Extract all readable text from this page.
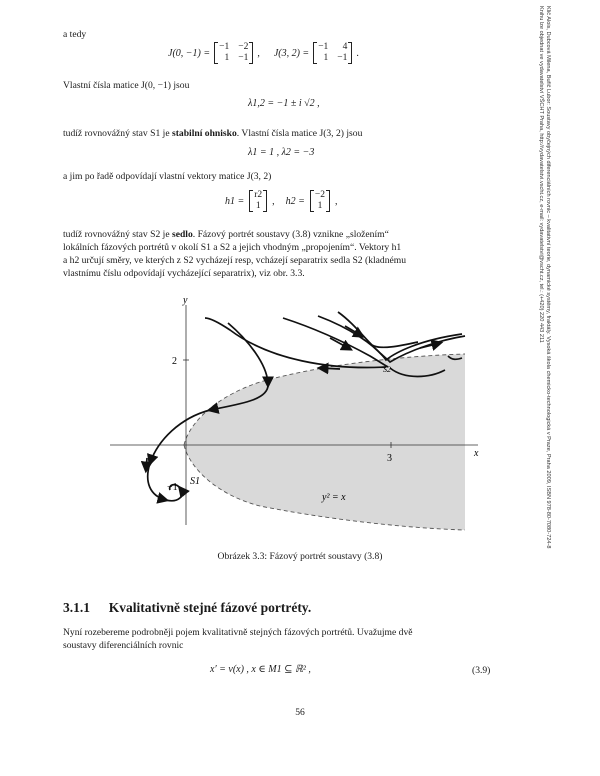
Klič Alois, Dubcová Milena, Buřič Lubor: Soustavy obyčejných diferenciálních rovnic – kvalitativní teorie, dynamické systémy, fraktály. Vysoká škola chemicko-technologická v Praze, Praha 2009, ISBN 978-80-7080-724-8
Knihu lze objednat ve vydavatelství VŠCHT Praha, http://vydavatelstvi.vscht.cz, e-mail: vydavatelstvi@vscht.cz, tel.: (+420) 220 443 211
a tedy
J(0, −1) =
−1 −2
1 −1 , J(3, 2) =
−1	4
1 −1 .
Vlastní čísla matice J(0, −1) jsou
λ1,2 = −1 ± i √2 ,
tudíž rovnovážný stav S1 je stabilní ohnisko. Vlastní čísla matice J(3, 2) jsou
λ1 = 1 , λ2 = −3
a jim po řadě odpovídají vlastní vektory matice J(3, 2)
h1 =
r2
1 , h2 =
−2
1 ,
tudíž rovnovážný stav S2 je sedlo. Fázový portrét soustavy (3.8) vznikne „složením“
lokálních fázových portrétů v okolí S1 a S2 a jejich vhodným „propojením“. Vektory h1
a h2 určují směry, ve kterých z S2 vycházejí resp, vcházejí separatrix sedla S2 (kladnému
vlastnímu číslu odpovídají vycházející separatrix), viz obr. 3.3.
x
y
2
3
−1
S1
S2
y² = x
Obrázek 3.3: Fázový portrét soustavy (3.8)
3.1.1 Kvalitativně stejné fázové portréty.
Nyní rozebereme podrobněji pojem kvalitativně stejných fázových portrétů. Uvažujme dvě
soustavy diferenciálních rovnic
x′ = v(x) , x ∈ M1 ⊆ ℝ² ,	(3.9)
56
